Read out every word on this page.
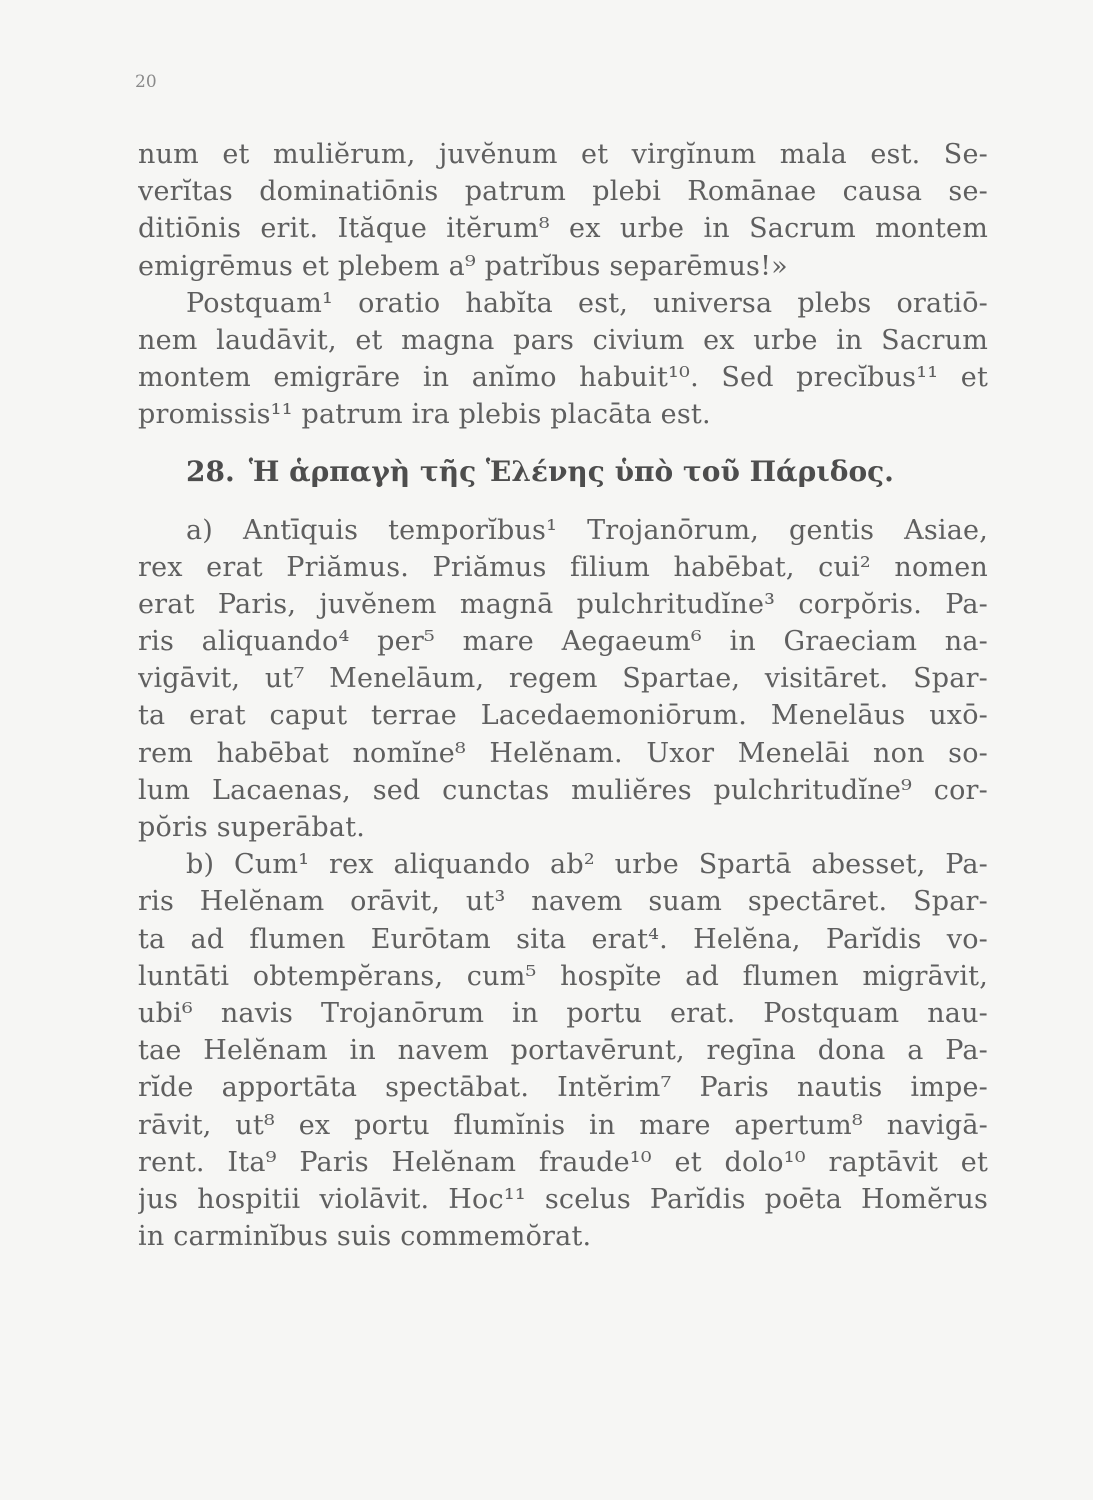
20
num et muliĕrum, juvĕnum et virgĭnum mala est. Se-
verĭtas dominatiōnis patrum plebi Romānae causa se-
ditiōnis erit. Ităque itĕrum⁸ ex urbe in Sacrum montem
emigrēmus et plebem a⁹ patrĭbus separēmus!»
Postquam¹ oratio habĭta est, universa plebs oratiō-
nem laudāvit, et magna pars civium ex urbe in Sacrum
montem emigrāre in anĭmo habuit¹⁰. Sed precĭbus¹¹ et
promissis¹¹ patrum ira plebis placāta est.
28. Ἡ ἁρπαγὴ τῆς Ἑλένης ὑπὸ τοῦ Πάριδος.
a) Antīquis temporĭbus¹ Trojanōrum, gentis Asiae,
rex erat Priămus. Priămus filium habēbat, cui² nomen
erat Paris, juvĕnem magnā pulchritudĭne³ corpŏris. Pa-
ris aliquando⁴ per⁵ mare Aegaeum⁶ in Graeciam na-
vigāvit, ut⁷ Menelāum, regem Spartae, visitāret. Spar-
ta erat caput terrae Lacedaemoniōrum. Menelāus uxō-
rem habēbat nomĭne⁸ Helĕnam. Uxor Menelāi non so-
lum Lacaenas, sed cunctas muliĕres pulchritudĭne⁹ cor-
pŏris superābat.
b) Cum¹ rex aliquando ab² urbe Spartā abesset, Pa-
ris Helĕnam orāvit, ut³ navem suam spectāret. Spar-
ta ad flumen Eurōtam sita erat⁴. Helĕna, Parĭdis vo-
luntāti obtempĕrans, cum⁵ hospĭte ad flumen migrāvit,
ubi⁶ navis Trojanōrum in portu erat. Postquam nau-
tae Helĕnam in navem portavērunt, regīna dona a Pa-
rĭde apportāta spectābat. Intĕrim⁷ Paris nautis impe-
rāvit, ut⁸ ex portu flumĭnis in mare apertum⁸ navigā-
rent. Ita⁹ Paris Helĕnam fraude¹⁰ et dolo¹⁰ raptāvit et
jus hospitii violāvit. Hoc¹¹ scelus Parĭdis poēta Homĕrus
in carminĭbus suis commemŏrat.
